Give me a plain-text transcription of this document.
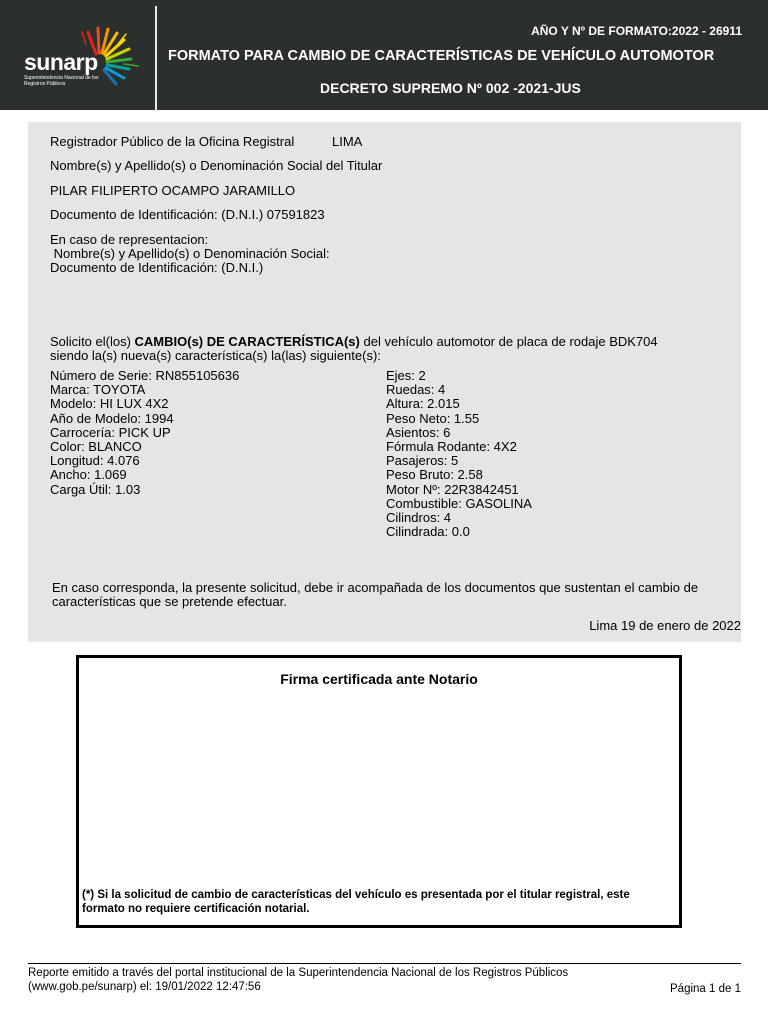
sunarp
Superintendencia Nacional de los Registros Públicos
AÑO Y Nº DE FORMATO:2022 - 26911
FORMATO PARA CAMBIO DE CARACTERÍSTICAS DE VEHÍCULO AUTOMOTOR
DECRETO SUPREMO Nº 002 -2021-JUS
Registrador Público de la Oficina Registral	LIMA
Nombre(s) y Apellido(s) o Denominación Social del Titular
PILAR FILIPERTO OCAMPO JARAMILLO
Documento de Identificación: (D.N.I.) 07591823
En caso de representacion:
Nombre(s) y Apellido(s) o Denominación Social:
Documento de Identificación: (D.N.I.)
Solicito el(los) CAMBIO(s) DE CARACTERÍSTICA(s) del vehículo automotor de placa de rodaje BDK704
siendo la(s) nueva(s) característica(s) la(las) siguiente(s):
Número de Serie: RN855105636
Marca: TOYOTA
Modelo: HI LUX 4X2
Año de Modelo: 1994
Carrocería: PICK UP
Color: BLANCO
Longitud: 4.076
Ancho: 1.069
Carga Útil: 1.03
Ejes: 2
Ruedas: 4
Altura: 2.015
Peso Neto: 1.55
Asientos: 6
Fórmula Rodante: 4X2
Pasajeros: 5
Peso Bruto: 2.58
Motor Nº: 22R3842451
Combustible: GASOLINA
Cilindros: 4
Cilindrada: 0.0
En caso corresponda, la presente solicitud, debe ir acompañada de los documentos que sustentan el cambio de
características que se pretende efectuar.
Lima 19 de enero de 2022
Firma certificada ante Notario
(*) Si la solicitud de cambio de características del vehículo es presentada por el titular registral, este
formato no requiere certificación notarial.
Reporte emitido a través del portal institucional de la Superintendencia Nacional de los Registros Públicos
(www.gob.pe/sunarp) el: 19/01/2022 12:47:56	Página 1 de 1
